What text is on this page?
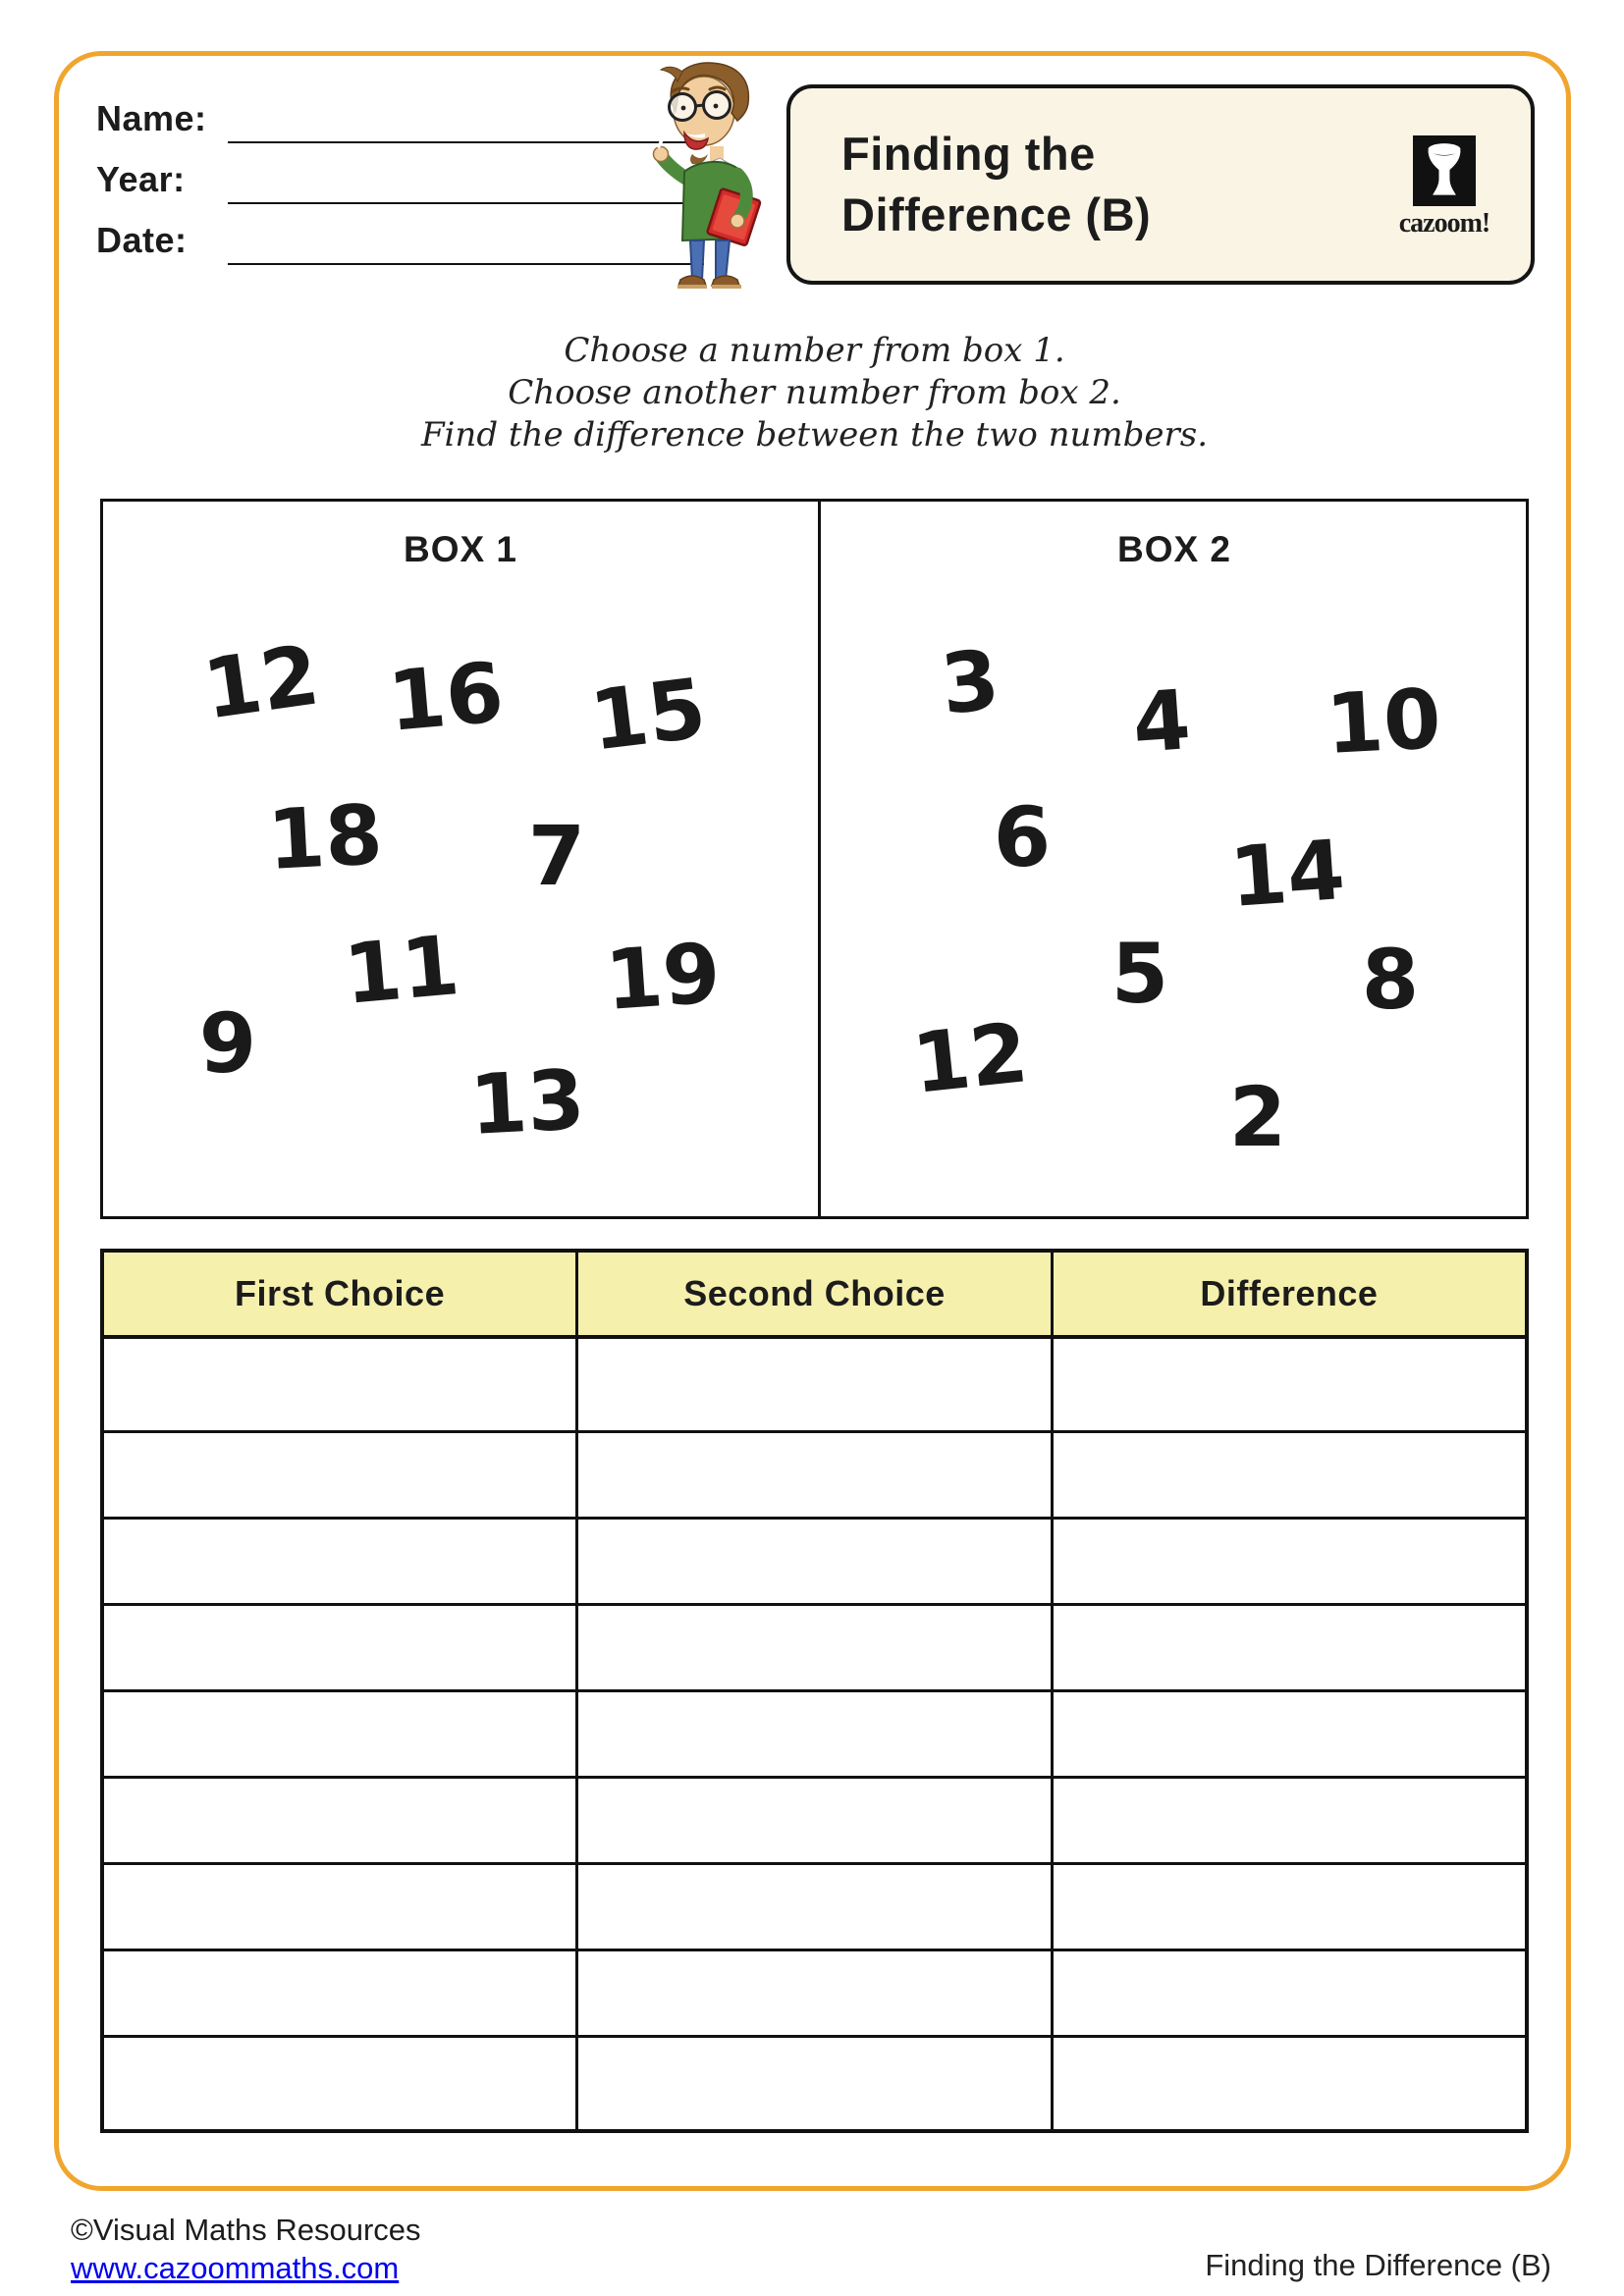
Name:
Year:
Date:
Finding the
Difference (B)	cazoom!
Choose a number from box 1.
Choose another number from box 2.
Find the difference between the two numbers.
BOX 1	BOX 2
12 16 15
18 7
11 19
9
13
3 4 10
6 14
5 8
12
2
First Choice	Second Choice	Difference

©Visual Maths Resources
www.cazoommaths.com	Finding the Difference (B)
